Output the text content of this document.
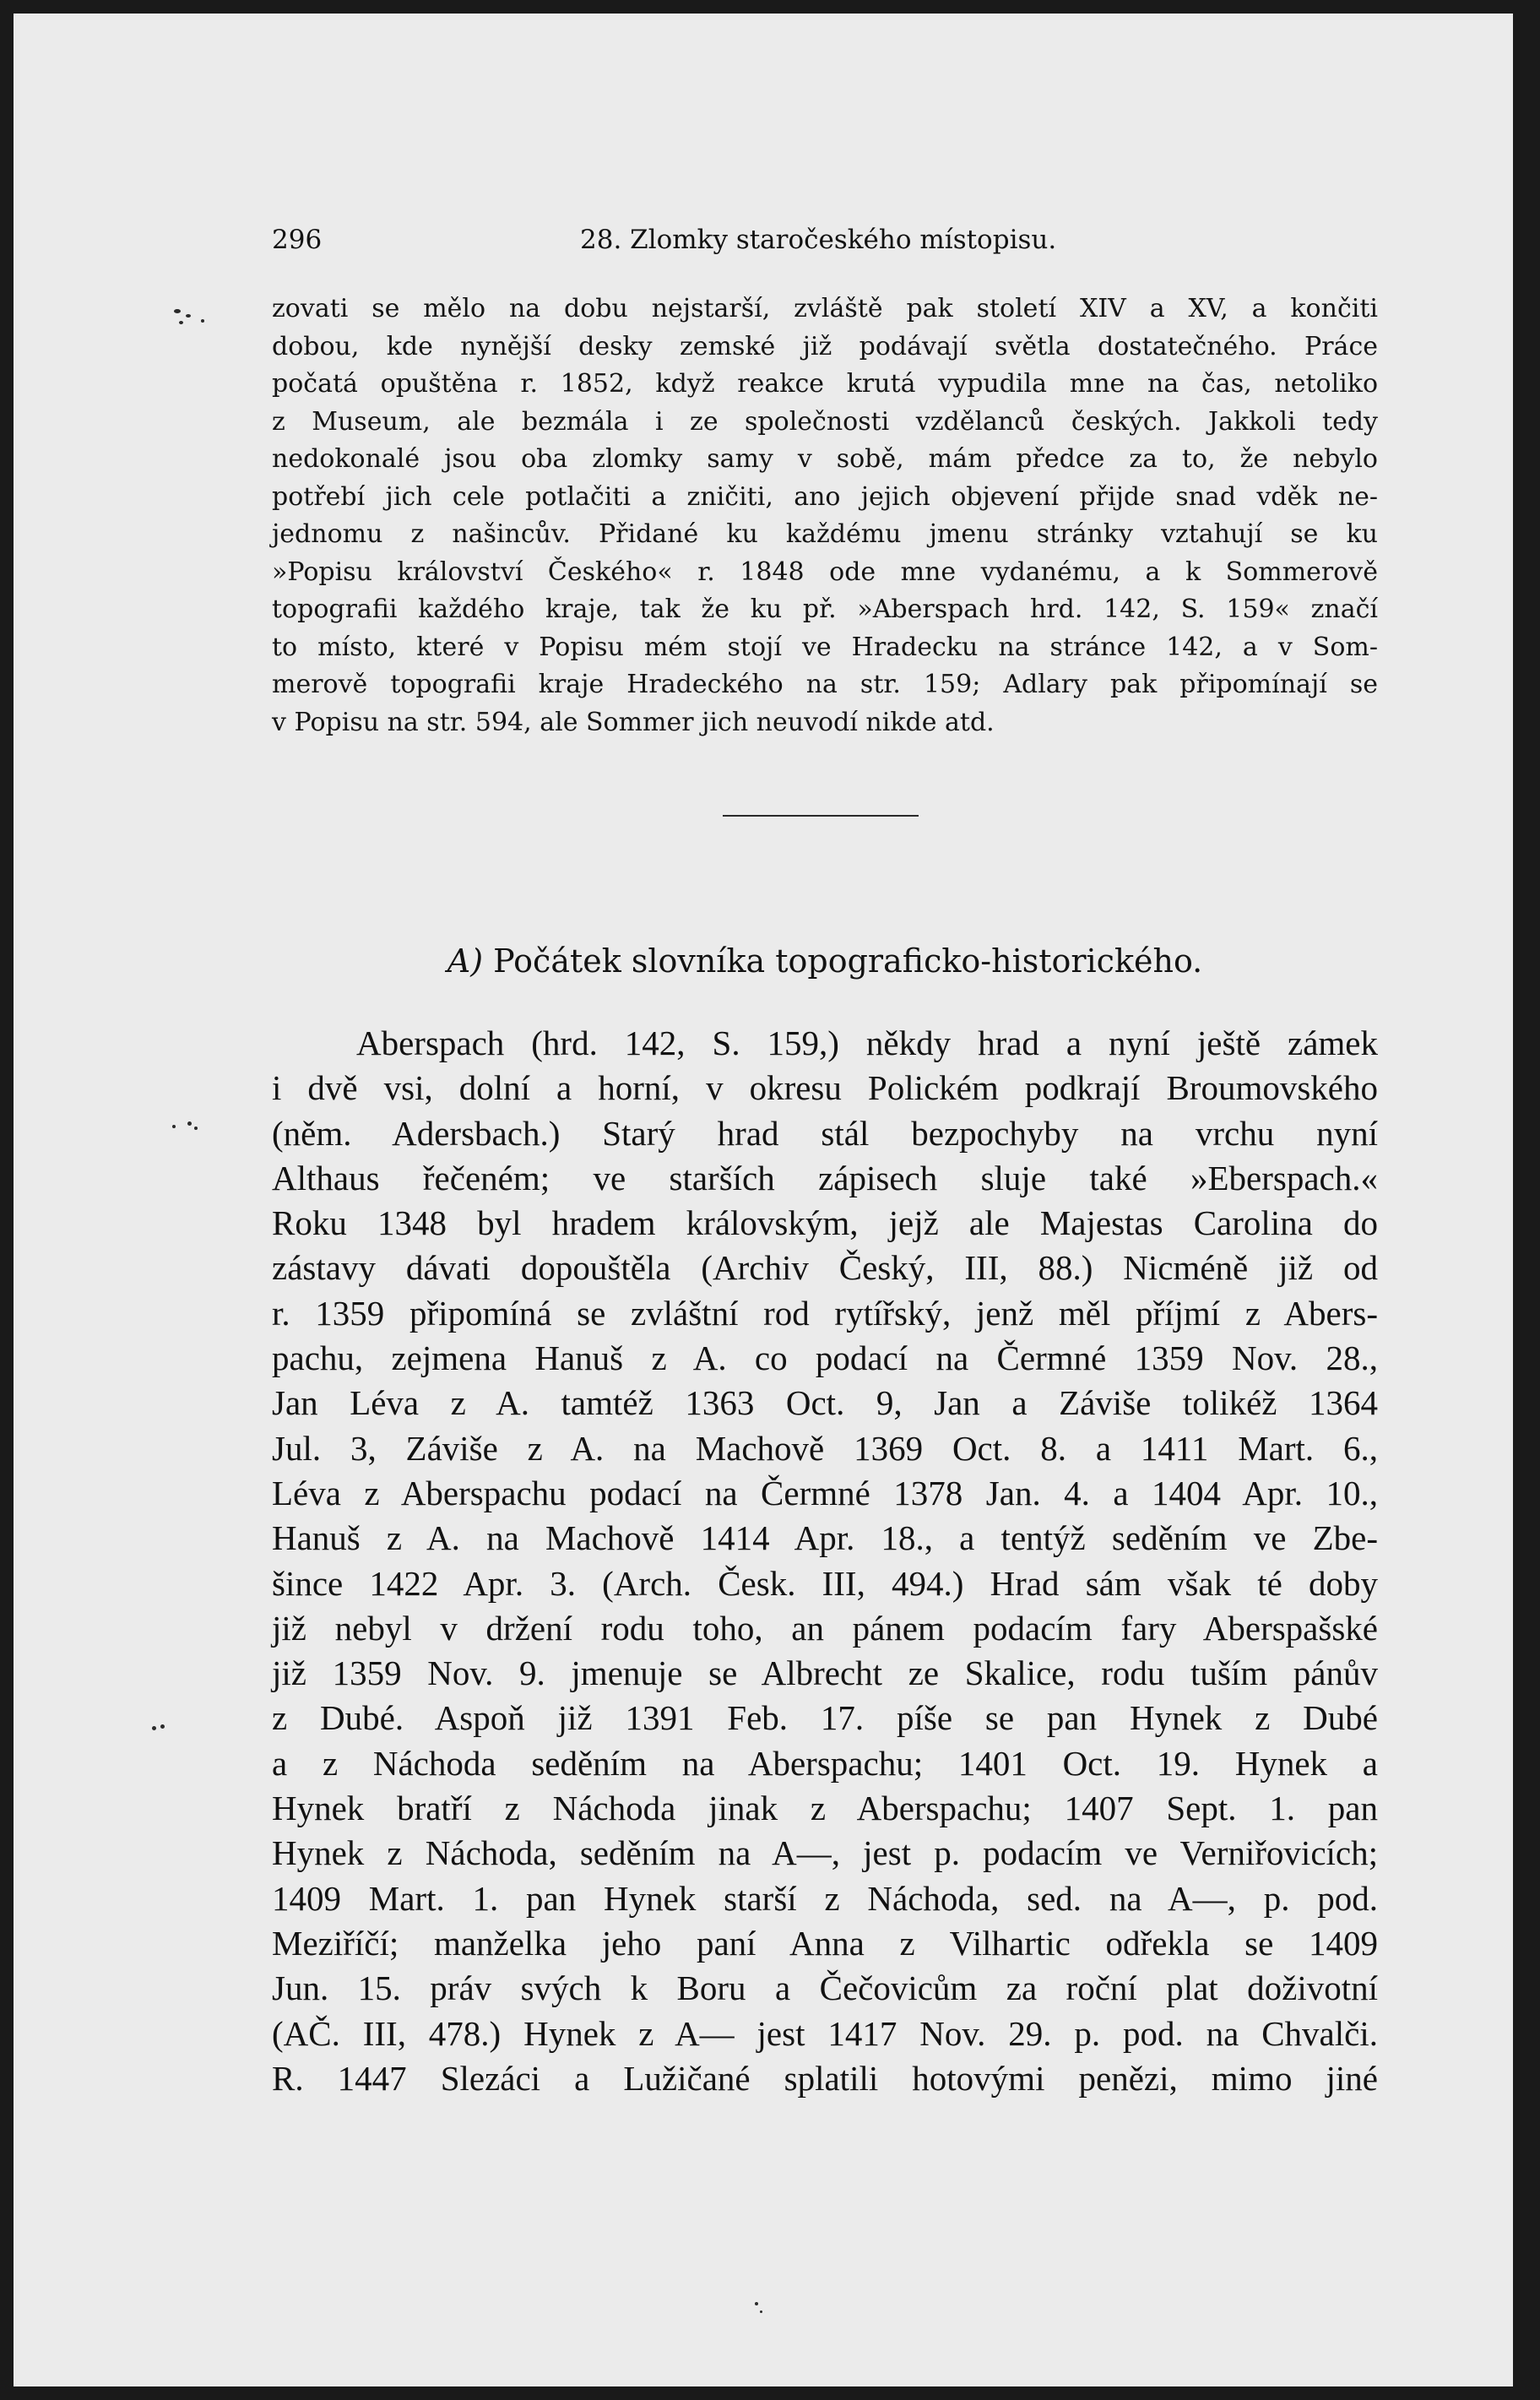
296	28. Zlomky staročeského místopisu.
zovati se mělo na dobu nejstarší, zvláště pak století XIV a XV, a končiti
dobou, kde nynější desky zemské již podávají světla dostatečného. Práce
počatá opuštěna r. 1852, když reakce krutá vypudila mne na čas, netoliko
z Museum, ale bezmála i ze společnosti vzdělanců českých. Jakkoli tedy
nedokonalé jsou oba zlomky samy v sobě, mám předce za to, že nebylo
potřebí jich cele potlačiti a zničiti, ano jejich objevení přijde snad vděk ne-
jednomu z našincův. Přidané ku každému jmenu stránky vztahují se ku
»Popisu království Českého« r. 1848 ode mne vydanému, a k Sommerově
topografii každého kraje, tak že ku př. »Aberspach hrd. 142, S. 159« značí
to místo, které v Popisu mém stojí ve Hradecku na stránce 142, a v Som-
merově topografii kraje Hradeckého na str. 159; Adlary pak připomínají se
v Popisu na str. 594, ale Sommer jich neuvodí nikde atd.
A) Počátek slovníka topograficko-historického.
Aberspach (hrd. 142, S. 159,) někdy hrad a nyní ještě zámek
i dvě vsi, dolní a horní, v okresu Polickém podkrají Broumovského
(něm. Adersbach.) Starý hrad stál bezpochyby na vrchu nyní
Althaus řečeném; ve starších zápisech sluje také »Eberspach.«
Roku 1348 byl hradem královským, jejž ale Majestas Carolina do
zástavy dávati dopouštěla (Archiv Český, III, 88.) Nicméně již od
r. 1359 připomíná se zvláštní rod rytířský, jenž měl příjmí z Abers-
pachu, zejmena Hanuš z A. co podací na Čermné 1359 Nov. 28.,
Jan Léva z A. tamtéž 1363 Oct. 9, Jan a Záviše tolikéž 1364
Jul. 3, Záviše z A. na Machově 1369 Oct. 8. a 1411 Mart. 6.,
Léva z Aberspachu podací na Čermné 1378 Jan. 4. a 1404 Apr. 10.,
Hanuš z A. na Machově 1414 Apr. 18., a tentýž seděním ve Zbe-
šince 1422 Apr. 3. (Arch. Česk. III, 494.) Hrad sám však té doby
již nebyl v držení rodu toho, an pánem podacím fary Aberspašské
již 1359 Nov. 9. jmenuje se Albrecht ze Skalice, rodu tuším pánův
z Dubé. Aspoň již 1391 Feb. 17. píše se pan Hynek z Dubé
a z Náchoda seděním na Aberspachu; 1401 Oct. 19. Hynek a
Hynek bratří z Náchoda jinak z Aberspachu; 1407 Sept. 1. pan
Hynek z Náchoda, seděním na A—, jest p. podacím ve Verniřovicích;
1409 Mart. 1. pan Hynek starší z Náchoda, sed. na A—, p. pod.
Meziříčí; manželka jeho paní Anna z Vilhartic odřekla se 1409
Jun. 15. práv svých k Boru a Čečovicům za roční plat doživotní
(AČ. III, 478.) Hynek z A— jest 1417 Nov. 29. p. pod. na Chvalči.
R. 1447 Slezáci a Lužičané splatili hotovými penězi, mimo jiné
